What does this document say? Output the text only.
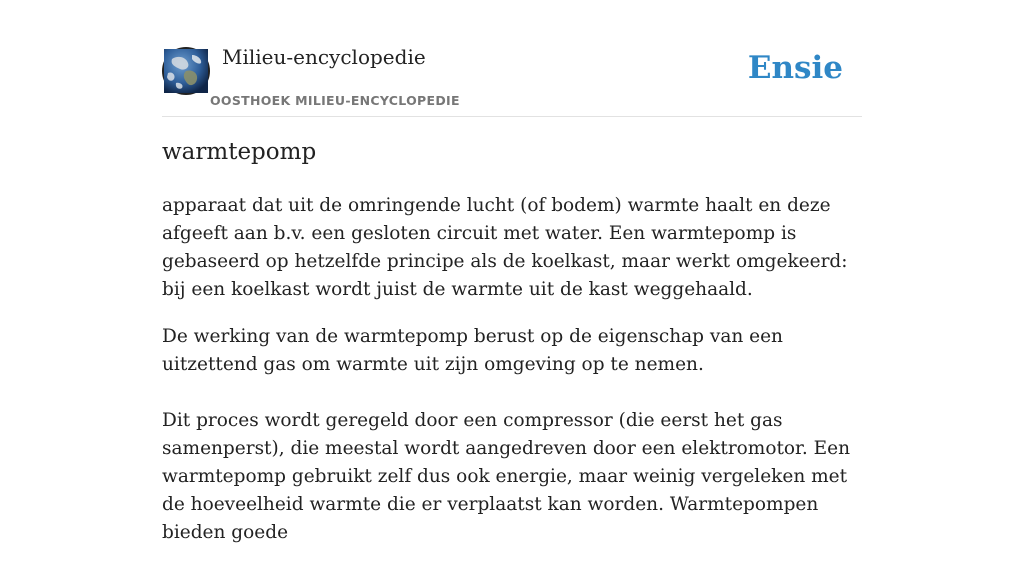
Milieu-encyclopedie
OOSTHOEK MILIEU-ENCYCLOPEDIE
Ensie
warmtepomp

apparaat dat uit de omringende lucht (of bodem) warmte haalt en deze afgeeft aan b.v. een gesloten circuit met water. Een warmtepomp is gebaseerd op hetzelfde principe als de koelkast, maar werkt omgekeerd: bij een koelkast wordt juist de warmte uit de kast weggehaald.

De werking van de warmtepomp berust op de eigenschap van een uitzettend gas om warmte uit zijn omgeving op te nemen.

Dit proces wordt geregeld door een compressor (die eerst het gas samenperst), die meestal wordt aangedreven door een elektromotor. Een warmtepomp gebruikt zelf dus ook energie, maar weinig vergeleken met de hoeveelheid warmte die er verplaatst kan worden. Warmtepompen bieden goede
